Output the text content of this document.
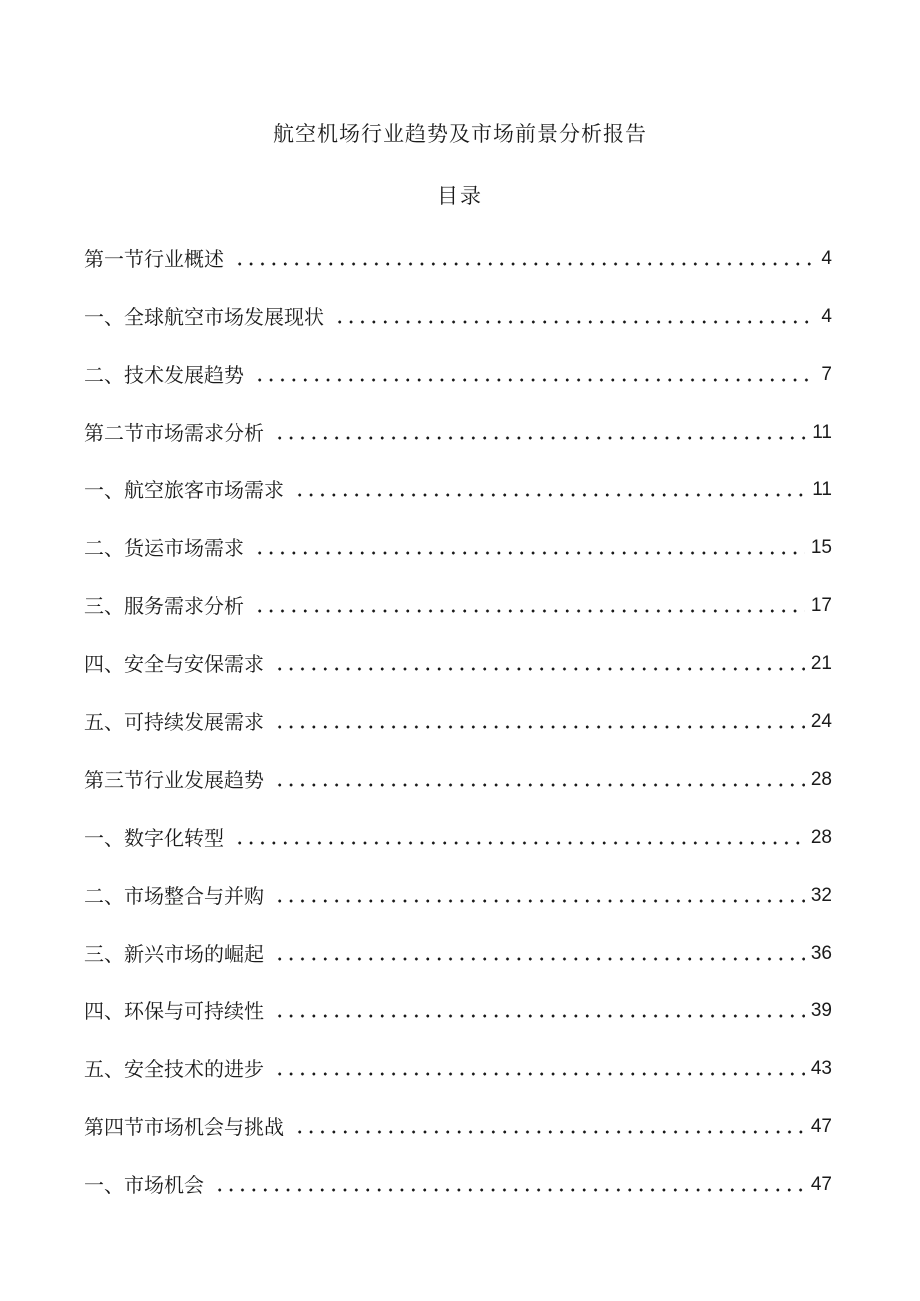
航空机场行业趋势及市场前景分析报告
目录
第一节行业概述	4
一、全球航空市场发展现状	4
二、技术发展趋势	7
第二节市场需求分析	11
一、航空旅客市场需求	11
二、货运市场需求	15
三、服务需求分析	17
四、安全与安保需求	21
五、可持续发展需求	24
第三节行业发展趋势	28
一、数字化转型	28
二、市场整合与并购	32
三、新兴市场的崛起	36
四、环保与可持续性	39
五、安全技术的进步	43
第四节市场机会与挑战	47
一、市场机会	47
